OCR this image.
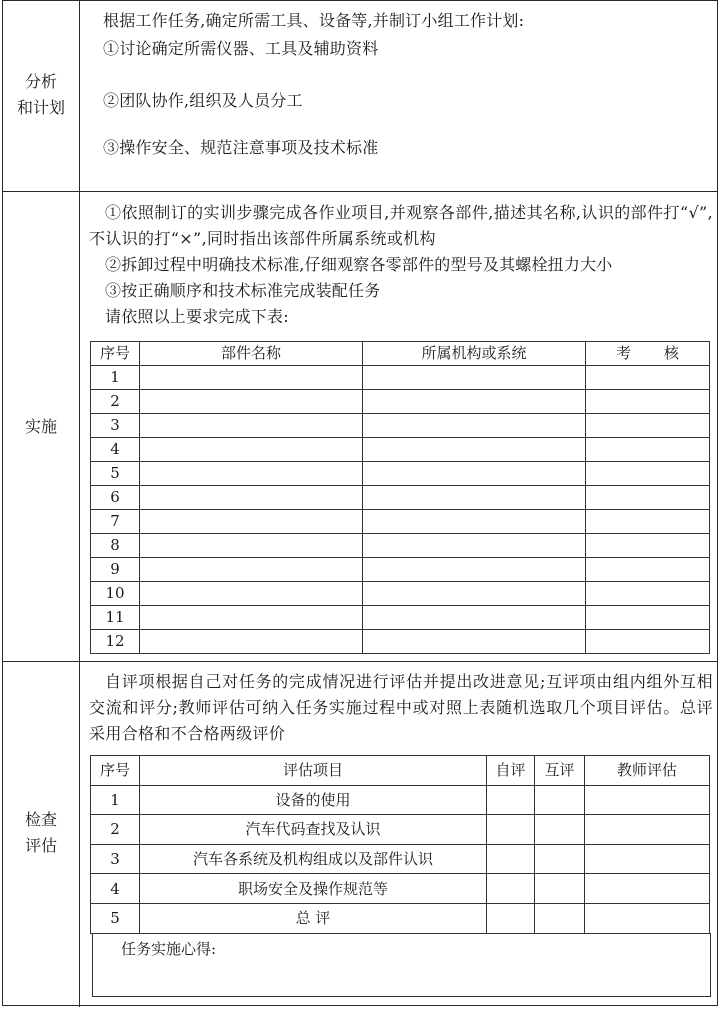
分析
和计划
根据工作任务,确定所需工具、设备等,并制订小组工作计划:
①讨论确定所需仪器、工具及辅助资料
②团队协作,组织及人员分工
③操作安全、规范注意事项及技术标准
实施
①依照制订的实训步骤完成各作业项目,并观察各部件,描述其名称,认识的部件打“√”,不认识的打“×”,同时指出该部件所属系统或机构
②拆卸过程中明确技术标准,仔细观察各零部件的型号及其螺栓扭力大小
③按正确顺序和技术标准完成装配任务
请依照以上要求完成下表:
序号	部件名称	所属机构或系统	考 核
1			
2			
3			
4			
5			
6			
7			
8			
9			
10			
11			
12			
检查
评估
自评项根据自己对任务的完成情况进行评估并提出改进意见;互评项由组内组外互相交流和评分;教师评估可纳入任务实施过程中或对照上表随机选取几个项目评估。总评采用合格和不合格两级评价
序号	评估项目	自评	互评	教师评估
1	设备的使用			
2	汽车代码查找及认识			
3	汽车各系统及机构组成以及部件认识			
4	职场安全及操作规范等			
5	总 评			
任务实施心得:
